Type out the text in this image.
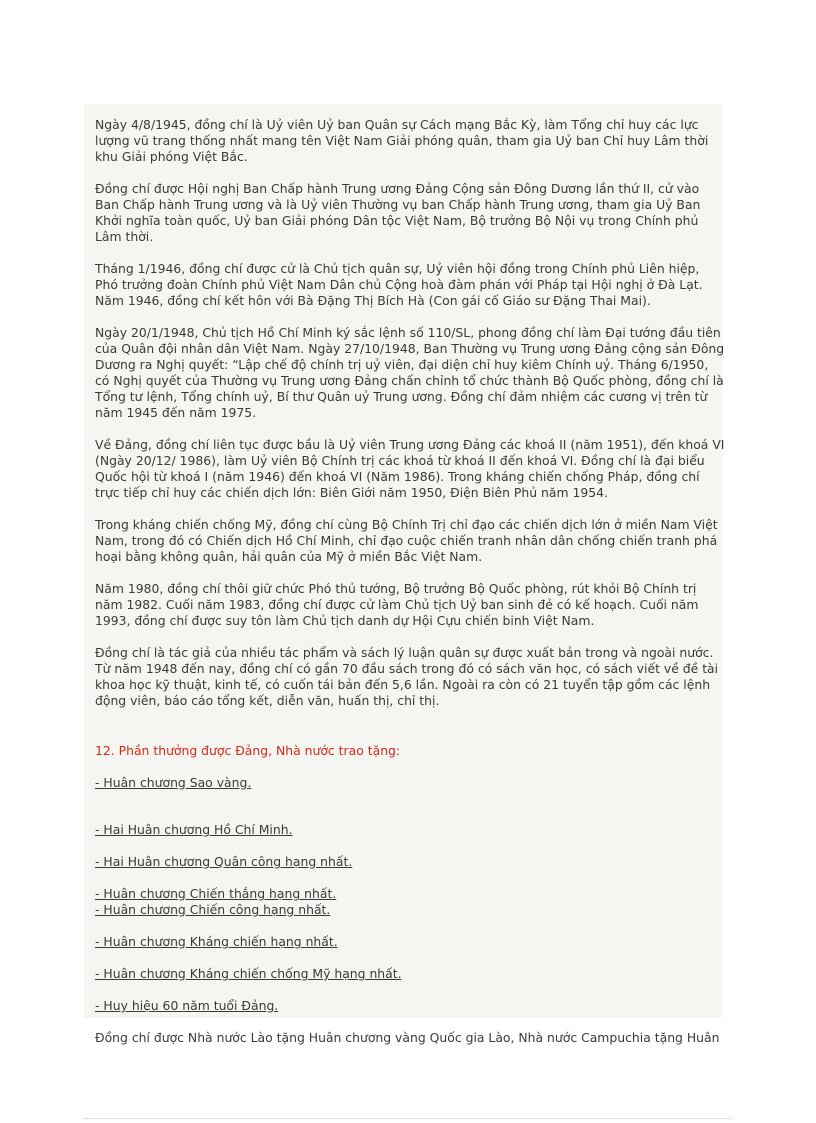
Ngày 4/8/1945, đồng chí là Uỷ viên Uỷ ban Quân sự Cách mạng Bắc Kỳ, làm Tổng chỉ huy các lực lượng vũ trang thống nhất mang tên Việt Nam Giải phóng quân, tham gia Uỷ ban Chỉ huy Lâm thời khu Giải phóng Việt Bắc.

Đồng chí được Hội nghị Ban Chấp hành Trung ương Đảng Cộng sản Đông Dương lần thứ II, cử vào Ban Chấp hành Trung ương và là Uỷ viên Thường vụ ban Chấp hành Trung ương, tham gia Uỷ Ban Khởi nghĩa toàn quốc, Uỷ ban Giải phóng Dân tộc Việt Nam, Bộ trưởng Bộ Nội vụ trong Chính phủ Lâm thời.

Tháng 1/1946, đồng chí được cử là Chủ tịch quân sự, Uỷ viên hội đồng trong Chính phủ Liên hiệp, Phó trưởng đoàn Chính phủ Việt Nam Dân chủ Cộng hoà đàm phán với Pháp tại Hội nghị ở Đà Lạt. Năm 1946, đồng chí kết hôn với Bà Đặng Thị Bích Hà (Con gái cố Giáo sư Đặng Thai Mai).

Ngày 20/1/1948, Chủ tịch Hồ Chí Minh ký sắc lệnh số 110/SL, phong đồng chí làm Đại tướng đầu tiên của Quân đội nhân dân Việt Nam. Ngày 27/10/1948, Ban Thường vụ Trung ương Đảng cộng sản Đông Dương ra Nghị quyết: “Lập chế độ chính trị uỷ viên, đại diện chỉ huy kiêm Chính uỷ. Tháng 6/1950, có Nghị quyết của Thường vụ Trung ương Đảng chấn chỉnh tổ chức thành Bộ Quốc phòng, đồng chí là Tổng tư lệnh, Tổng chính uỷ, Bí thư Quân uỷ Trung ương. Đồng chí đảm nhiệm các cương vị trên từ năm 1945 đến năm 1975.

Về Đảng, đồng chí liên tục được bầu là Uỷ viên Trung ương Đảng các khoá II (năm 1951), đến khoá VI (Ngày 20/12/ 1986), làm Uỷ viên Bộ Chính trị các khoá từ khoá II đến khoá VI. Đồng chí là đại biểu Quốc hội từ khoá I (năm 1946) đến khoá VI (Năm 1986). Trong kháng chiến chống Pháp, đồng chí trực tiếp chỉ huy các chiến dịch lớn: Biên Giới năm 1950, Điện Biên Phủ năm 1954.

Trong kháng chiến chống Mỹ, đồng chí cùng Bộ Chính Trị chỉ đạo các chiến dịch lớn ở miền Nam Việt Nam, trong đó có Chiến dịch Hồ Chí Minh, chỉ đạo cuộc chiến tranh nhân dân chống chiến tranh phá hoại bằng không quân, hải quân của Mỹ ở miền Bắc Việt Nam.

Năm 1980, đồng chí thôi giữ chức Phó thủ tướng, Bộ trưởng Bộ Quốc phòng, rút khỏi Bộ Chính trị năm 1982. Cuối năm 1983, đồng chí được cử làm Chủ tịch Uỷ ban sinh đẻ có kế hoạch. Cuối năm 1993, đồng chí được suy tôn làm Chủ tịch danh dự Hội Cựu chiến binh Việt Nam.

Đồng chí là tác giả của nhiều tác phẩm và sách lý luận quân sự được xuất bản trong và ngoài nước. Từ năm 1948 đến nay, đồng chí có gần 70 đầu sách trong đó có sách văn học, có sách viết về đề tài khoa học kỹ thuật, kinh tế, có cuốn tái bản đến 5,6 lần. Ngoài ra còn có 21 tuyển tập gồm các lệnh động viên, báo cáo tổng kết, diễn văn, huấn thị, chỉ thị.

12. Phần thưởng được Đảng, Nhà nước trao tặng:

- Huân chương Sao vàng.

- Hai Huân chương Hồ Chí Minh.

- Hai Huân chương Quân công hạng nhất.

- Huân chương Chiến thắng hạng nhất.

- Huân chương Chiến công hạng nhất.

- Huân chương Kháng chiến hạng nhất.

- Huân chương Kháng chiến chống Mỹ hạng nhất.

- Huy hiệu 60 năm tuổi Đảng.

Đồng chí được Nhà nước Lào tặng Huân chương vàng Quốc gia Lào, Nhà nước Campuchia tặng Huân
